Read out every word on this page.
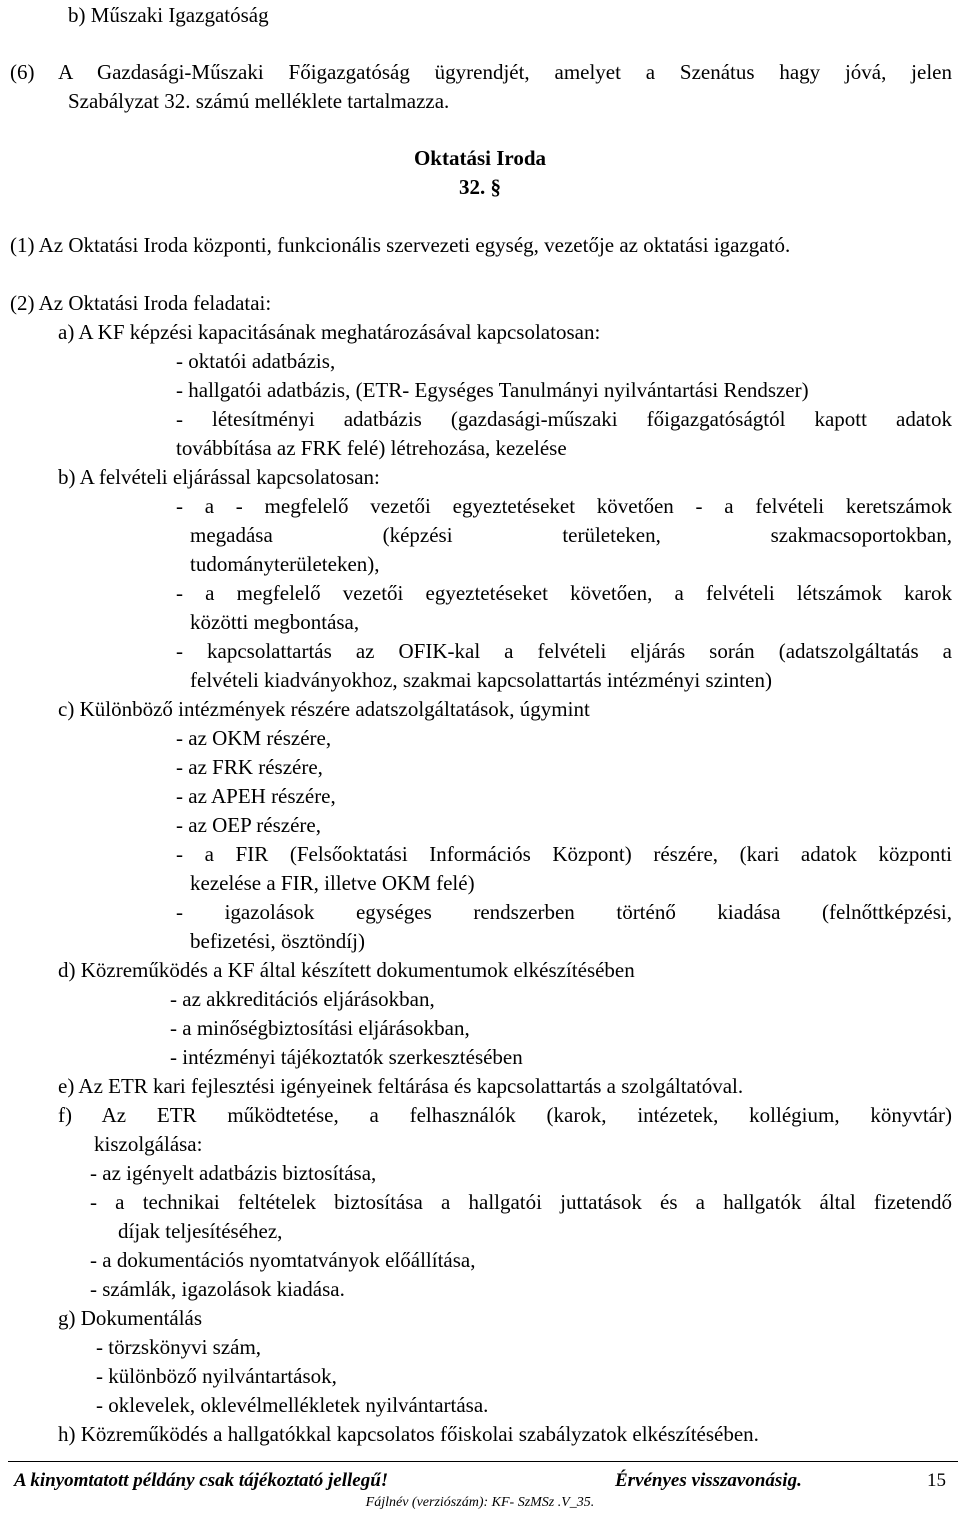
b) Műszaki Igazgatóság
(6) A Gazdasági-Műszaki Főigazgatóság ügyrendjét, amelyet a Szenátus hagy jóvá, jelen
Szabályzat 32. számú melléklete tartalmazza.
Oktatási Iroda
32. §
(1) Az Oktatási Iroda központi, funkcionális szervezeti egység, vezetője az oktatási igazgató.
(2) Az Oktatási Iroda feladatai:
a) A KF képzési kapacitásának meghatározásával kapcsolatosan:
- oktatói adatbázis,
- hallgatói adatbázis, (ETR- Egységes Tanulmányi nyilvántartási Rendszer)
- létesítményi adatbázis (gazdasági-műszaki főigazgatóságtól kapott adatok
továbbítása az FRK felé) létrehozása, kezelése
b) A felvételi eljárással kapcsolatosan:
- a - megfelelő vezetői egyeztetéseket követően - a felvételi keretszámok
megadása (képzési területeken, szakmacsoportokban,
tudományterületeken),
- a megfelelő vezetői egyeztetéseket követően, a felvételi létszámok karok
közötti megbontása,
- kapcsolattartás az OFIK-kal a felvételi eljárás során (adatszolgáltatás a
felvételi kiadványokhoz, szakmai kapcsolattartás intézményi szinten)
c) Különböző intézmények részére adatszolgáltatások, úgymint
- az OKM részére,
- az FRK részére,
- az APEH részére,
- az OEP részére,
- a FIR (Felsőoktatási Információs Központ) részére, (kari adatok központi
kezelése a FIR, illetve OKM felé)
- igazolások egységes rendszerben történő kiadása (felnőttképzési,
befizetési, ösztöndíj)
d) Közreműködés a KF által készített dokumentumok elkészítésében
- az akkreditációs eljárásokban,
- a minőségbiztosítási eljárásokban,
- intézményi tájékoztatók szerkesztésében
e) Az ETR kari fejlesztési igényeinek feltárása és kapcsolattartás a szolgáltatóval.
f) Az ETR működtetése, a felhasználók (karok, intézetek, kollégium, könyvtár)
kiszolgálása:
- az igényelt adatbázis biztosítása,
- a technikai feltételek biztosítása a hallgatói juttatások és a hallgatók által fizetendő
díjak teljesítéséhez,
- a dokumentációs nyomtatványok előállítása,
- számlák, igazolások kiadása.
g) Dokumentálás
- törzskönyvi szám,
- különböző nyilvántartások,
- oklevelek, oklevélmellékletek nyilvántartása.
h) Közreműködés a hallgatókkal kapcsolatos főiskolai szabályzatok elkészítésében.
A kinyomtatott példány csak tájékoztató jellegű!	Érvényes visszavonásig.	15
Fájlnév (verziószám): KF- SzMSz .V_35.
